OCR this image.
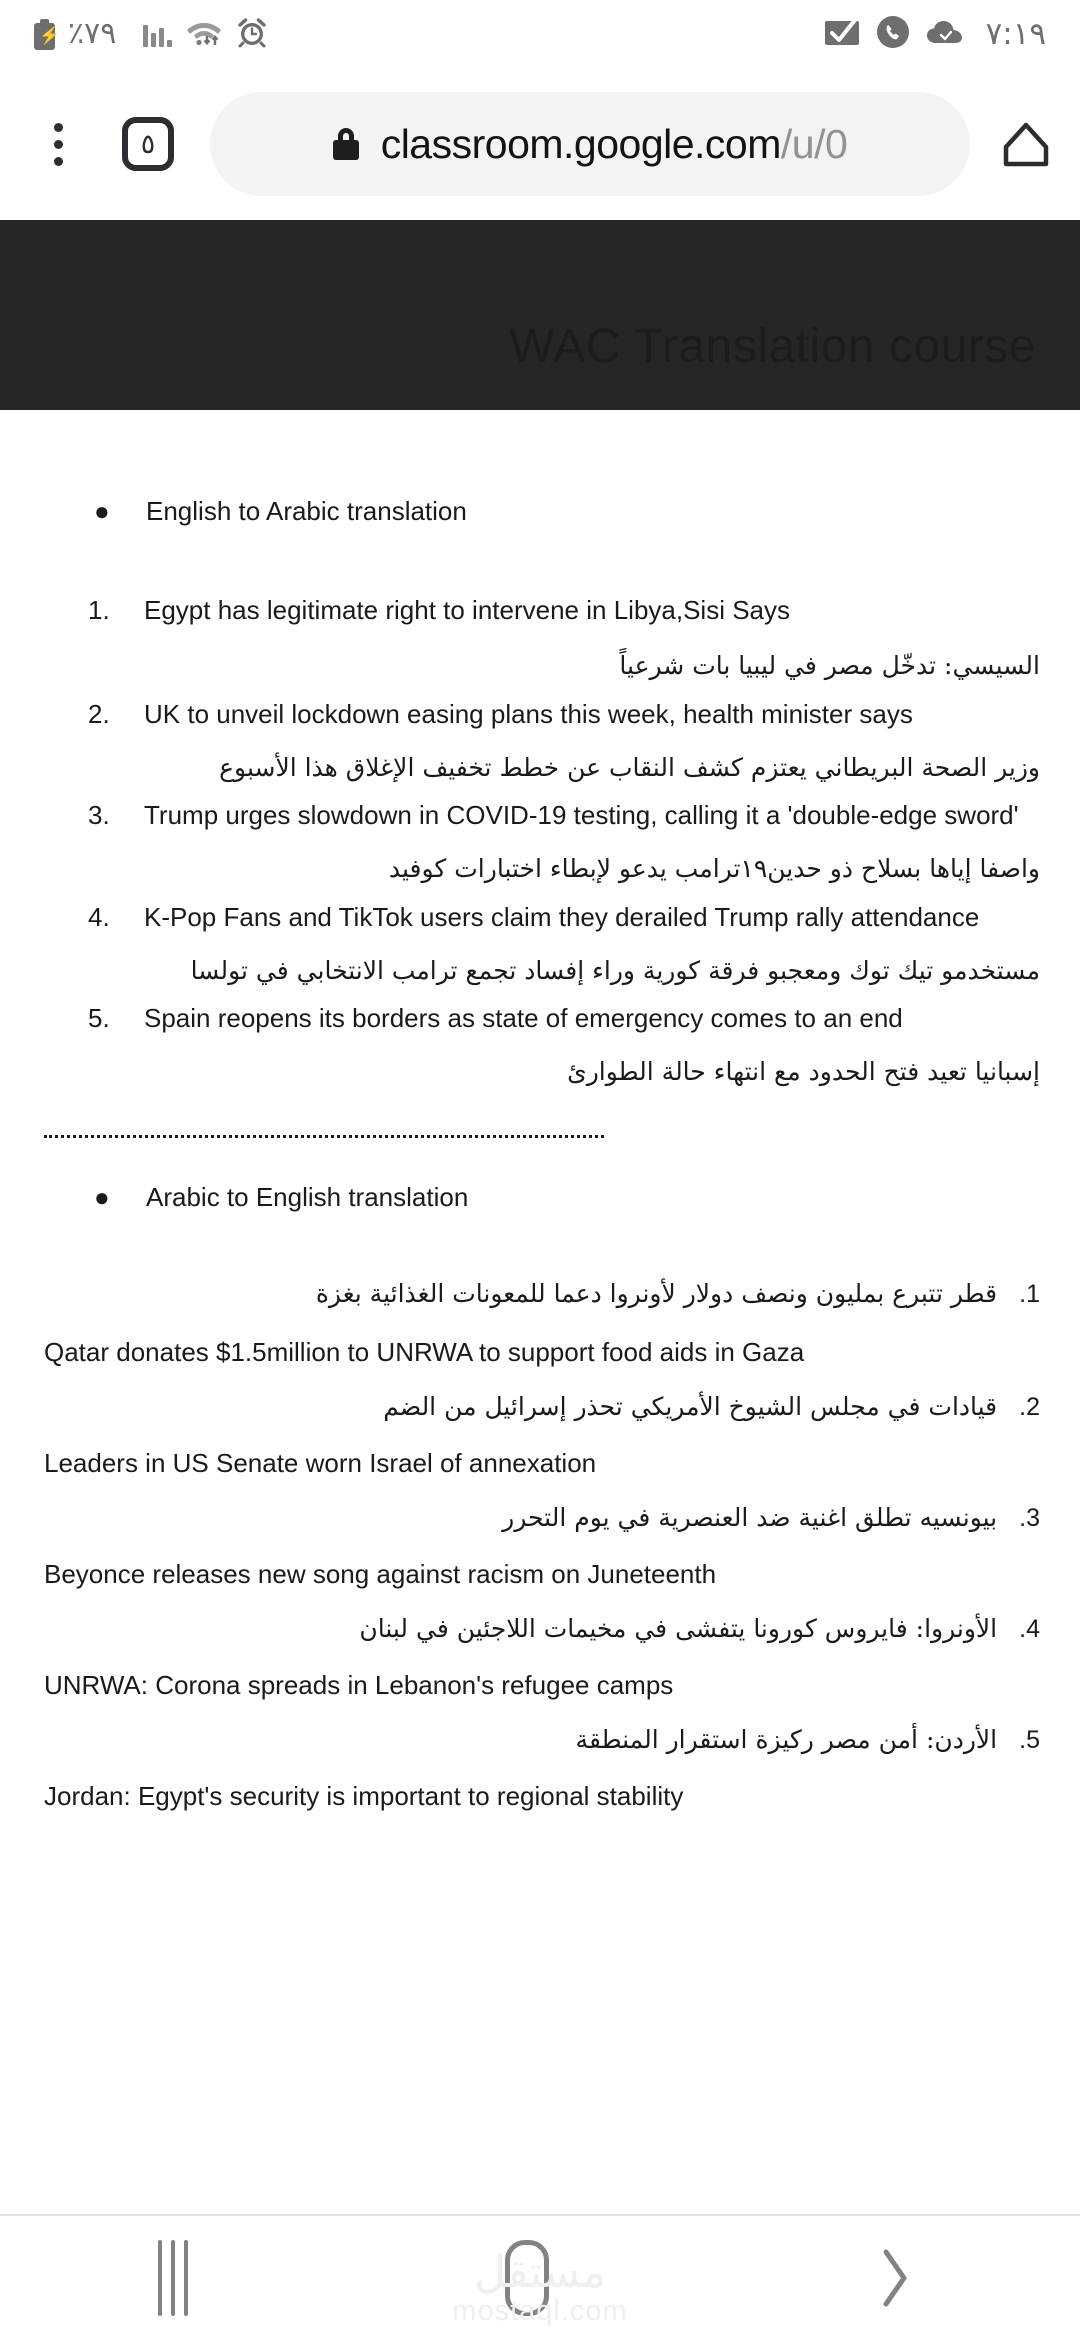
⚡ ٪٧٩	٧:١٩
٥	classroom.google.com /u/0
WAC Translation course
● English to Arabic translation
1.	Egypt has legitimate right to intervene in Libya,Sisi Says
السيسي: تدخّل مصر في ليبيا بات شرعياً
2.	UK to unveil lockdown easing plans this week, health minister says
وزير الصحة البريطاني يعتزم كشف النقاب عن خطط تخفيف الإغلاق هذا الأسبوع
3.	Trump urges slowdown in COVID-19 testing, calling it a 'double-edge sword'
واصفا إياها بسلاح ذو حدين١٩ترامب يدعو لإبطاء اختبارات كوفيد
4.	K-Pop Fans and TikTok users claim they derailed Trump rally attendance
مستخدمو تيك توك ومعجبو فرقة كورية وراء إفساد تجمع ترامب الانتخابي في تولسا
5.	Spain reopens its borders as state of emergency comes to an end
إسبانيا تعيد فتح الحدود مع انتهاء حالة الطوارئ
● Arabic to English translation
1.قطر تتبرع بمليون ونصف دولار لأونروا دعما للمعونات الغذائية بغزة
Qatar donates $1.5million to UNRWA to support food aids in Gaza
2.قيادات في مجلس الشيوخ الأمريكي تحذر إسرائيل من الضم
Leaders in US Senate worn Israel of annexation
3.بيونسيه تطلق اغنية ضد العنصرية في يوم التحرر
Beyonce releases new song against racism on Juneteenth
4.الأونروا: فايروس كورونا يتفشى في مخيمات اللاجئين في لبنان
UNRWA: Corona spreads in Lebanon's refugee camps
5.الأردن: أمن مصر ركيزة استقرار المنطقة
Jordan: Egypt's security is important to regional stability
مستقل
mostaql.com
